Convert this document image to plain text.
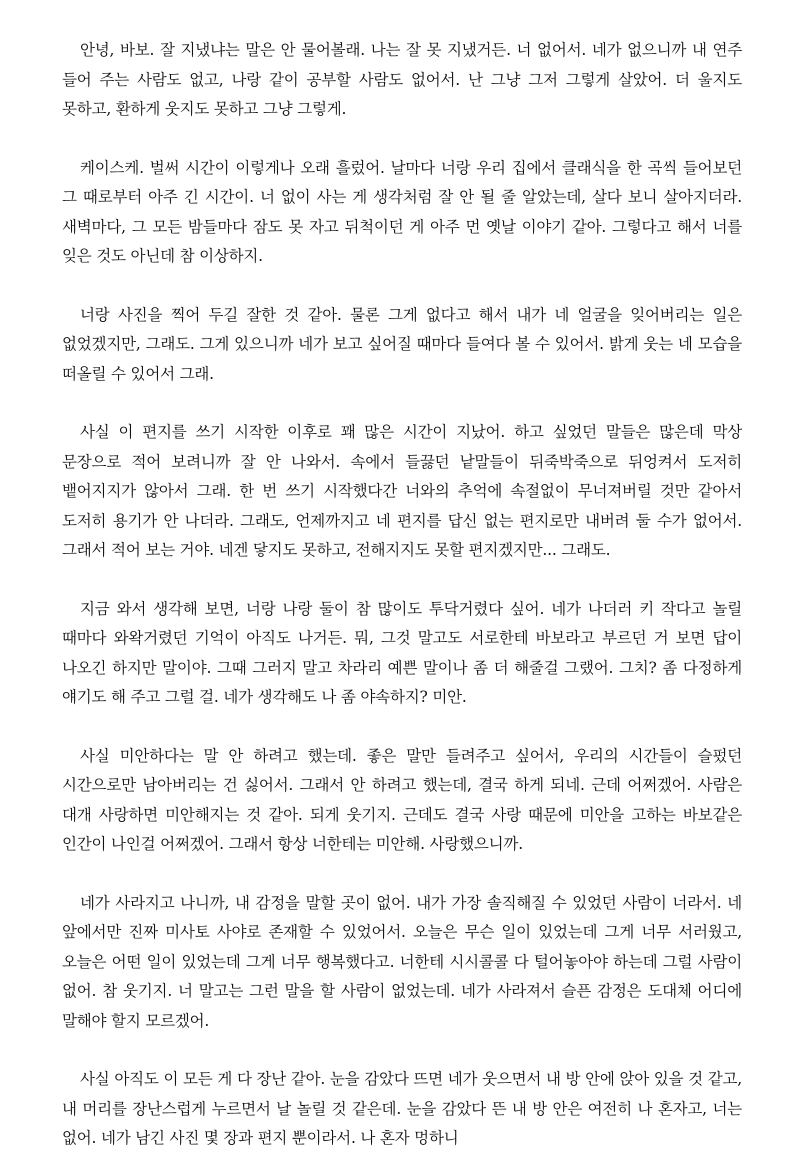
안녕, 바보. 잘 지냈냐는 말은 안 물어볼래. 나는 잘 못 지냈거든. 너 없어서. 네가 없으니까 내 연주 들어 주는 사람도 없고, 나랑 같이 공부할 사람도 없어서. 난 그냥 그저 그렇게 살았어. 더 울지도 못하고, 환하게 웃지도 못하고 그냥 그렇게.

케이스케. 벌써 시간이 이렇게나 오래 흘렀어. 날마다 너랑 우리 집에서 클래식을 한 곡씩 들어보던 그 때로부터 아주 긴 시간이. 너 없이 사는 게 생각처럼 잘 안 될 줄 알았는데, 살다 보니 살아지더라. 새벽마다, 그 모든 밤들마다 잠도 못 자고 뒤척이던 게 아주 먼 옛날 이야기 같아. 그렇다고 해서 너를 잊은 것도 아닌데 참 이상하지.

너랑 사진을 찍어 두길 잘한 것 같아. 물론 그게 없다고 해서 내가 네 얼굴을 잊어버리는 일은 없었겠지만, 그래도. 그게 있으니까 네가 보고 싶어질 때마다 들여다 볼 수 있어서. 밝게 웃는 네 모습을 떠올릴 수 있어서 그래.

사실 이 편지를 쓰기 시작한 이후로 꽤 많은 시간이 지났어. 하고 싶었던 말들은 많은데 막상 문장으로 적어 보려니까 잘 안 나와서. 속에서 들끓던 낱말들이 뒤죽박죽으로 뒤엉켜서 도저히 뱉어지지가 않아서 그래. 한 번 쓰기 시작했다간 너와의 추억에 속절없이 무너져버릴 것만 같아서 도저히 용기가 안 나더라. 그래도, 언제까지고 네 편지를 답신 없는 편지로만 내버려 둘 수가 없어서. 그래서 적어 보는 거야. 네겐 닿지도 못하고, 전해지지도 못할 편지겠지만... 그래도.

지금 와서 생각해 보면, 너랑 나랑 둘이 참 많이도 투닥거렸다 싶어. 네가 나더러 키 작다고 놀릴 때마다 와왁거렸던 기억이 아직도 나거든. 뭐, 그것 말고도 서로한테 바보라고 부르던 거 보면 답이 나오긴 하지만 말이야. 그때 그러지 말고 차라리 예쁜 말이나 좀 더 해줄걸 그랬어. 그치? 좀 다정하게 얘기도 해 주고 그럴 걸. 네가 생각해도 나 좀 야속하지? 미안.

사실 미안하다는 말 안 하려고 했는데. 좋은 말만 들려주고 싶어서, 우리의 시간들이 슬펐던 시간으로만 남아버리는 건 싫어서. 그래서 안 하려고 했는데, 결국 하게 되네. 근데 어쩌겠어. 사람은 대개 사랑하면 미안해지는 것 같아. 되게 웃기지. 근데도 결국 사랑 때문에 미안을 고하는 바보같은 인간이 나인걸 어쩌겠어. 그래서 항상 너한테는 미안해. 사랑했으니까.

네가 사라지고 나니까, 내 감정을 말할 곳이 없어. 내가 가장 솔직해질 수 있었던 사람이 너라서. 네 앞에서만 진짜 미사토 사야로 존재할 수 있었어서. 오늘은 무슨 일이 있었는데 그게 너무 서러웠고, 오늘은 어떤 일이 있었는데 그게 너무 행복했다고. 너한테 시시콜콜 다 털어놓아야 하는데 그럴 사람이 없어. 참 웃기지. 너 말고는 그런 말을 할 사람이 없었는데. 네가 사라져서 슬픈 감정은 도대체 어디에 말해야 할지 모르겠어.

사실 아직도 이 모든 게 다 장난 같아. 눈을 감았다 뜨면 네가 웃으면서 내 방 안에 앉아 있을 것 같고, 내 머리를 장난스럽게 누르면서 날 놀릴 것 같은데. 눈을 감았다 뜬 내 방 안은 여전히 나 혼자고, 너는 없어. 네가 남긴 사진 몇 장과 편지 뿐이라서. 나 혼자 멍하니
